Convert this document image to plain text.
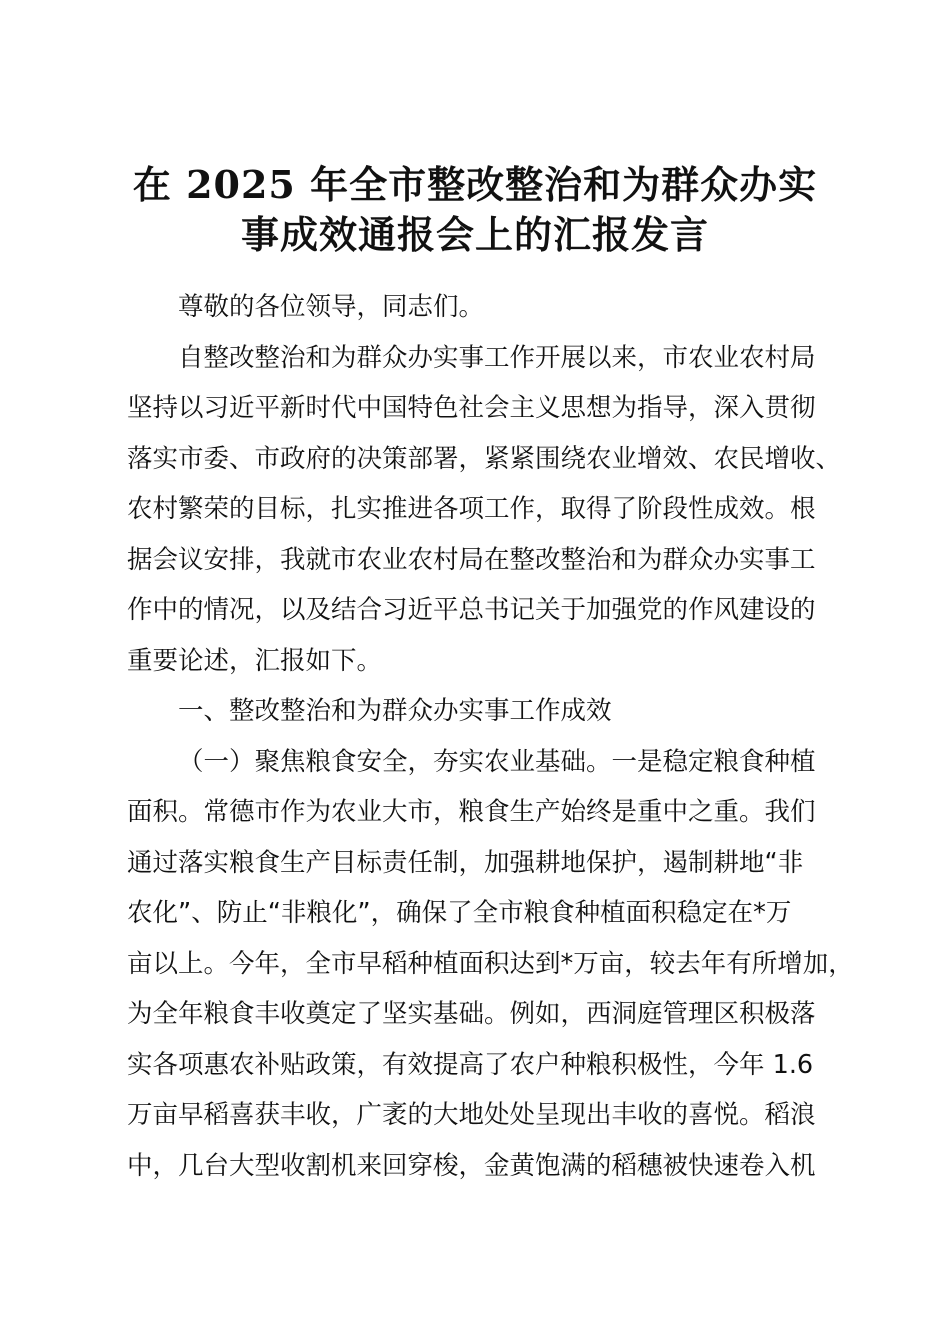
在 2025 年全市整改整治和为群众办实
事成效通报会上的汇报发言

尊敬的各位领导，同志们。

自整改整治和为群众办实事工作开展以来，市农业农村局
坚持以习近平新时代中国特色社会主义思想为指导，深入贯彻
落实市委、市政府的决策部署，紧紧围绕农业增效、农民增收、
农村繁荣的目标，扎实推进各项工作，取得了阶段性成效。根
据会议安排，我就市农业农村局在整改整治和为群众办实事工
作中的情况，以及结合习近平总书记关于加强党的作风建设的
重要论述，汇报如下。

一、整改整治和为群众办实事工作成效

（一）聚焦粮食安全，夯实农业基础。一是稳定粮食种植
面积。常德市作为农业大市，粮食生产始终是重中之重。我们
通过落实粮食生产目标责任制，加强耕地保护，遏制耕地“非
农化”、防止“非粮化”，确保了全市粮食种植面积稳定在*万
亩以上。今年，全市早稻种植面积达到*万亩，较去年有所增加，
为全年粮食丰收奠定了坚实基础。例如，西洞庭管理区积极落
实各项惠农补贴政策，有效提高了农户种粮积极性，今年 1.6
万亩早稻喜获丰收，广袤的大地处处呈现出丰收的喜悦。稻浪
中，几台大型收割机来回穿梭，金黄饱满的稻穗被快速卷入机
